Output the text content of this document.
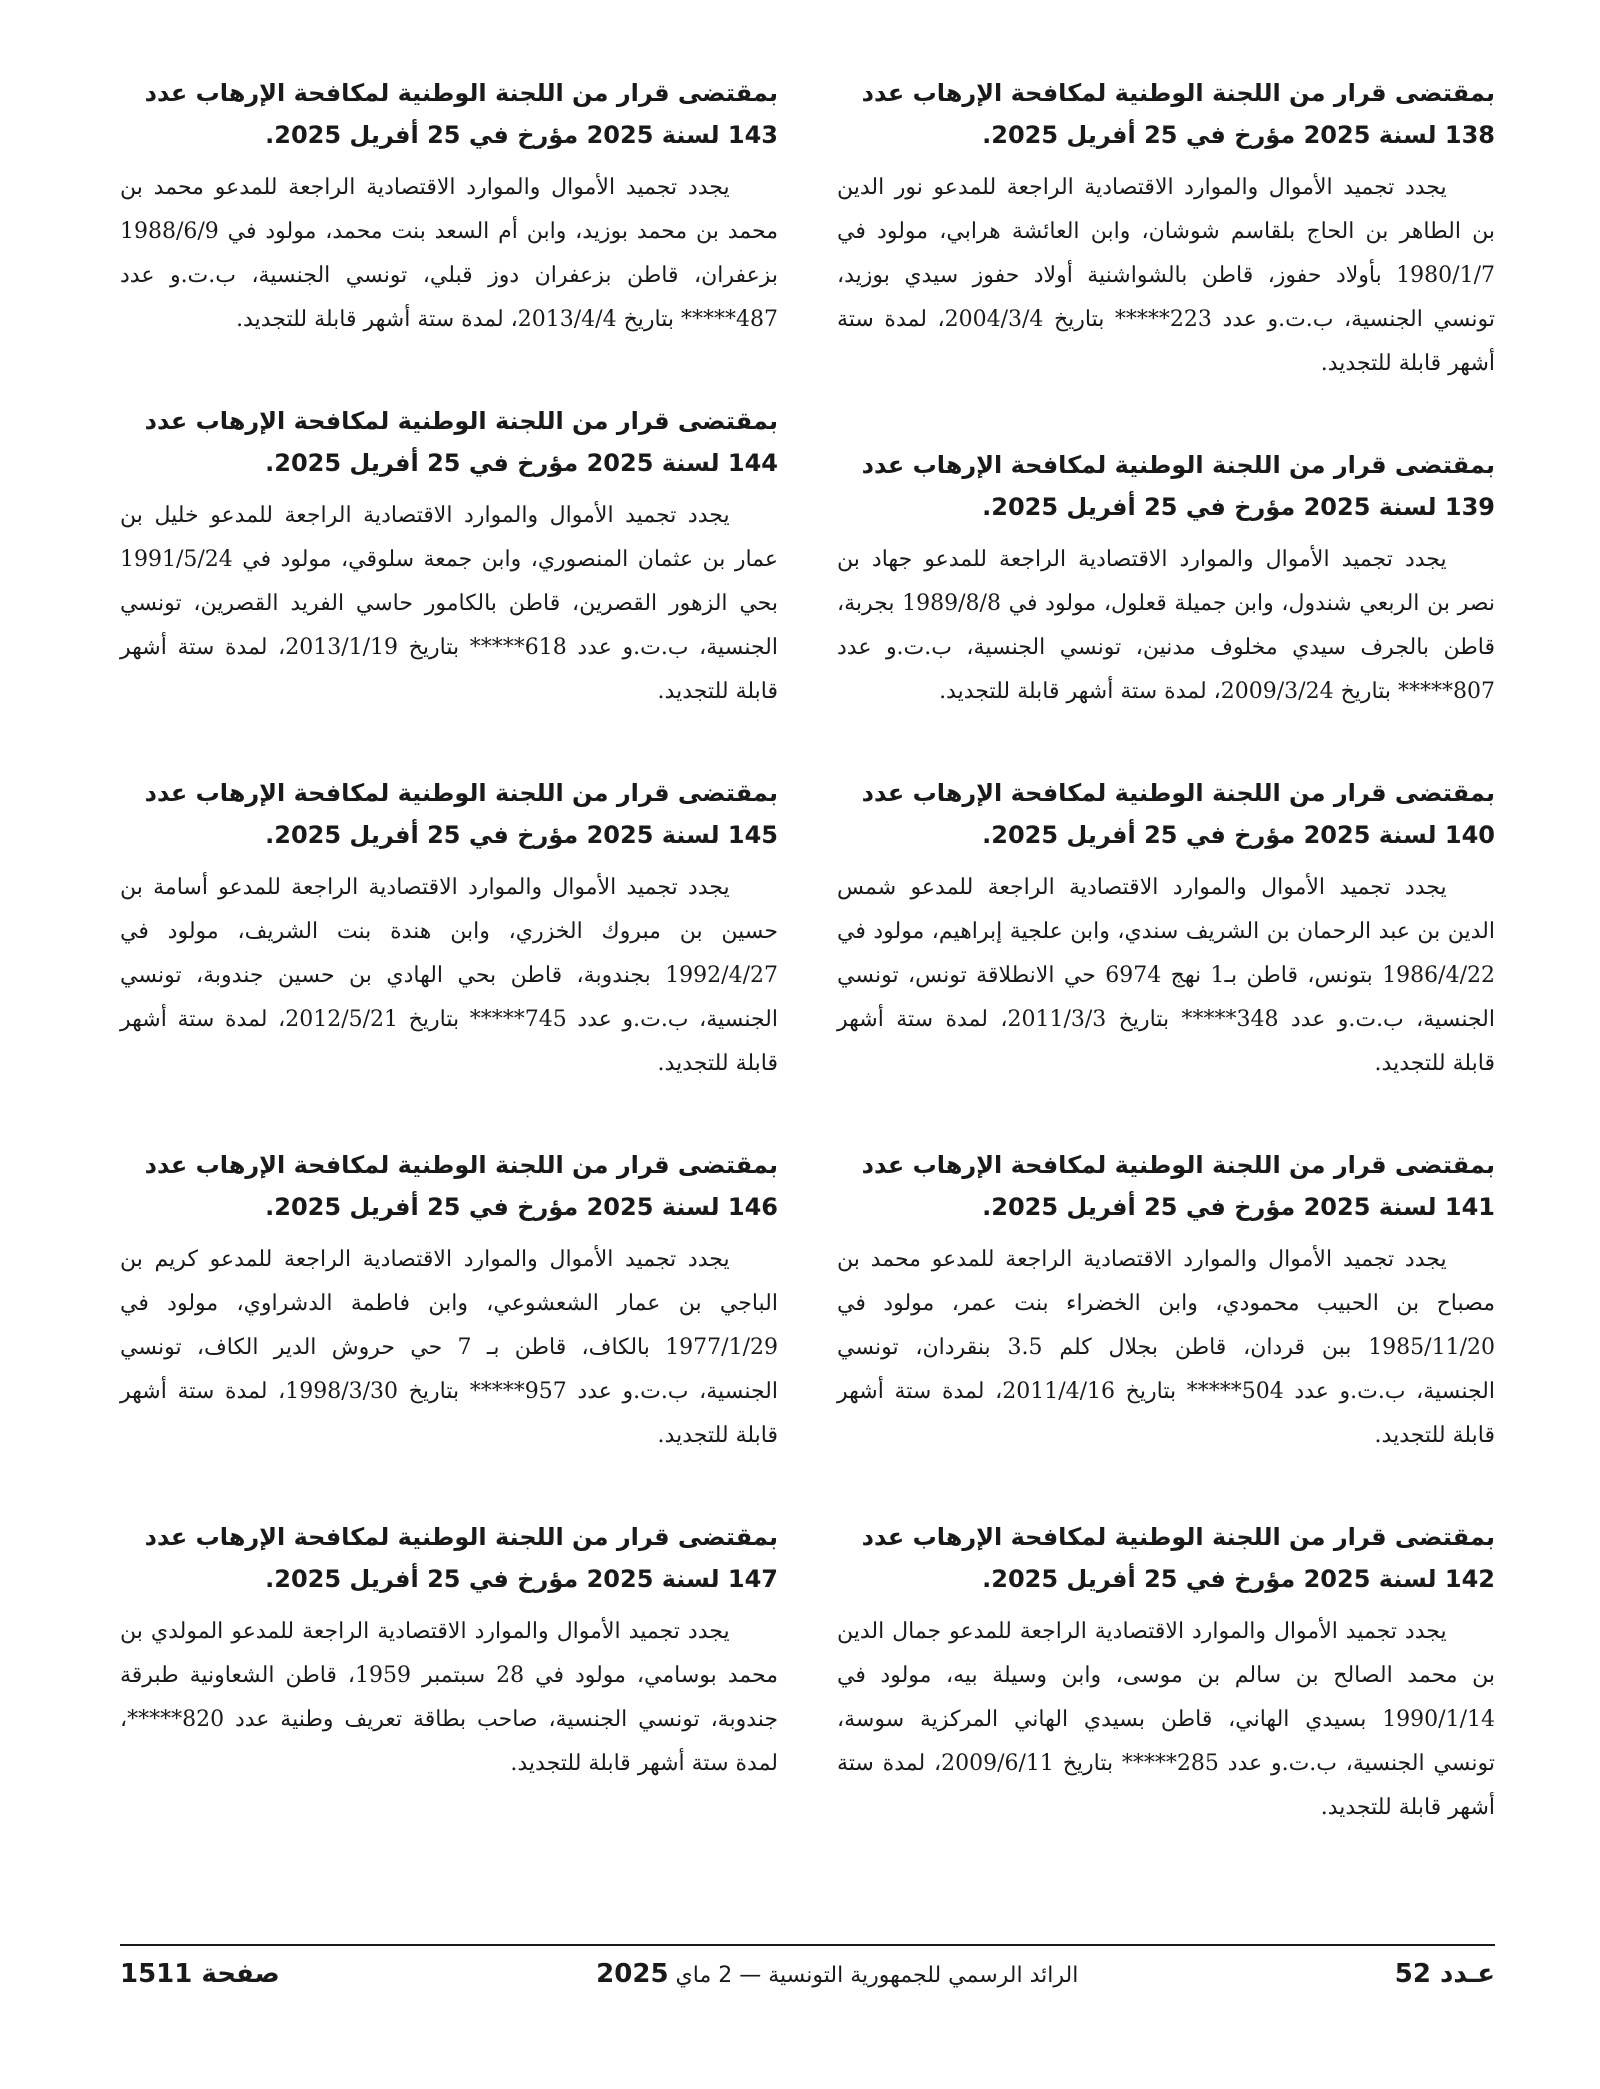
بمقتضى قرار من اللجنة الوطنية لمكافحة الإرهاب عدد 138 لسنة 2025 مؤرخ في 25 أفريل 2025.

يجدد تجميد الأموال والموارد الاقتصادية الراجعة للمدعو نور الدين بن الطاهر بن الحاج بلقاسم شوشان، وابن العائشة هرابي، مولود في 1980/1/7 بأولاد حفوز، قاطن بالشواشنية أولاد حفوز سيدي بوزيد، تونسي الجنسية، ب.ت.و عدد 223***** بتاريخ 2004/3/4، لمدة ستة أشهر قابلة للتجديد.

بمقتضى قرار من اللجنة الوطنية لمكافحة الإرهاب عدد 139 لسنة 2025 مؤرخ في 25 أفريل 2025.

يجدد تجميد الأموال والموارد الاقتصادية الراجعة للمدعو جهاد بن نصر بن الربعي شندول، وابن جميلة قعلول، مولود في 1989/8/8 بجربة، قاطن بالجرف سيدي مخلوف مدنين، تونسي الجنسية، ب.ت.و عدد 807***** بتاريخ 2009/3/24، لمدة ستة أشهر قابلة للتجديد.

بمقتضى قرار من اللجنة الوطنية لمكافحة الإرهاب عدد 140 لسنة 2025 مؤرخ في 25 أفريل 2025.

يجدد تجميد الأموال والموارد الاقتصادية الراجعة للمدعو شمس الدين بن عبد الرحمان بن الشريف سندي، وابن علجية إبراهيم، مولود في 1986/4/22 بتونس، قاطن بـ1 نهج 6974 حي الانطلاقة تونس، تونسي الجنسية، ب.ت.و عدد 348***** بتاريخ 2011/3/3، لمدة ستة أشهر قابلة للتجديد.

بمقتضى قرار من اللجنة الوطنية لمكافحة الإرهاب عدد 141 لسنة 2025 مؤرخ في 25 أفريل 2025.

يجدد تجميد الأموال والموارد الاقتصادية الراجعة للمدعو محمد بن مصباح بن الحبيب محمودي، وابن الخضراء بنت عمر، مولود في 1985/11/20 ببن قردان، قاطن بجلال كلم 3.5 بنقردان، تونسي الجنسية، ب.ت.و عدد 504***** بتاريخ 2011/4/16، لمدة ستة أشهر قابلة للتجديد.

بمقتضى قرار من اللجنة الوطنية لمكافحة الإرهاب عدد 142 لسنة 2025 مؤرخ في 25 أفريل 2025.

يجدد تجميد الأموال والموارد الاقتصادية الراجعة للمدعو جمال الدين بن محمد الصالح بن سالم بن موسى، وابن وسيلة بيه، مولود في 1990/1/14 بسيدي الهاني، قاطن بسيدي الهاني المركزية سوسة، تونسي الجنسية، ب.ت.و عدد 285***** بتاريخ 2009/6/11، لمدة ستة أشهر قابلة للتجديد.

بمقتضى قرار من اللجنة الوطنية لمكافحة الإرهاب عدد 143 لسنة 2025 مؤرخ في 25 أفريل 2025.

يجدد تجميد الأموال والموارد الاقتصادية الراجعة للمدعو محمد بن محمد بن محمد بوزيد، وابن أم السعد بنت محمد، مولود في 1988/6/9 بزعفران، قاطن بزعفران دوز قبلي، تونسي الجنسية، ب.ت.و عدد 487***** بتاريخ 2013/4/4، لمدة ستة أشهر قابلة للتجديد.

بمقتضى قرار من اللجنة الوطنية لمكافحة الإرهاب عدد 144 لسنة 2025 مؤرخ في 25 أفريل 2025.

يجدد تجميد الأموال والموارد الاقتصادية الراجعة للمدعو خليل بن عمار بن عثمان المنصوري، وابن جمعة سلوقي، مولود في 1991/5/24 بحي الزهور القصرين، قاطن بالكامور حاسي الفريد القصرين، تونسي الجنسية، ب.ت.و عدد 618***** بتاريخ 2013/1/19، لمدة ستة أشهر قابلة للتجديد.

بمقتضى قرار من اللجنة الوطنية لمكافحة الإرهاب عدد 145 لسنة 2025 مؤرخ في 25 أفريل 2025.

يجدد تجميد الأموال والموارد الاقتصادية الراجعة للمدعو أسامة بن حسين بن مبروك الخزري، وابن هندة بنت الشريف، مولود في 1992/4/27 بجندوبة، قاطن بحي الهادي بن حسين جندوبة، تونسي الجنسية، ب.ت.و عدد 745***** بتاريخ 2012/5/21، لمدة ستة أشهر قابلة للتجديد.

بمقتضى قرار من اللجنة الوطنية لمكافحة الإرهاب عدد 146 لسنة 2025 مؤرخ في 25 أفريل 2025.

يجدد تجميد الأموال والموارد الاقتصادية الراجعة للمدعو كريم بن الباجي بن عمار الشعشوعي، وابن فاطمة الدشراوي، مولود في 1977/1/29 بالكاف، قاطن بـ 7 حي حروش الدير الكاف، تونسي الجنسية، ب.ت.و عدد 957***** بتاريخ 1998/3/30، لمدة ستة أشهر قابلة للتجديد.

بمقتضى قرار من اللجنة الوطنية لمكافحة الإرهاب عدد 147 لسنة 2025 مؤرخ في 25 أفريل 2025.

يجدد تجميد الأموال والموارد الاقتصادية الراجعة للمدعو المولدي بن محمد بوسامي، مولود في 28 سبتمبر 1959، قاطن الشعاونية طبرقة جندوبة، تونسي الجنسية، صاحب بطاقة تعريف وطنية عدد 820*****، لمدة ستة أشهر قابلة للتجديد.

عـدد 52
الرائد الرسمي للجمهورية التونسية — 2 ماي 2025
صفحة 1511
